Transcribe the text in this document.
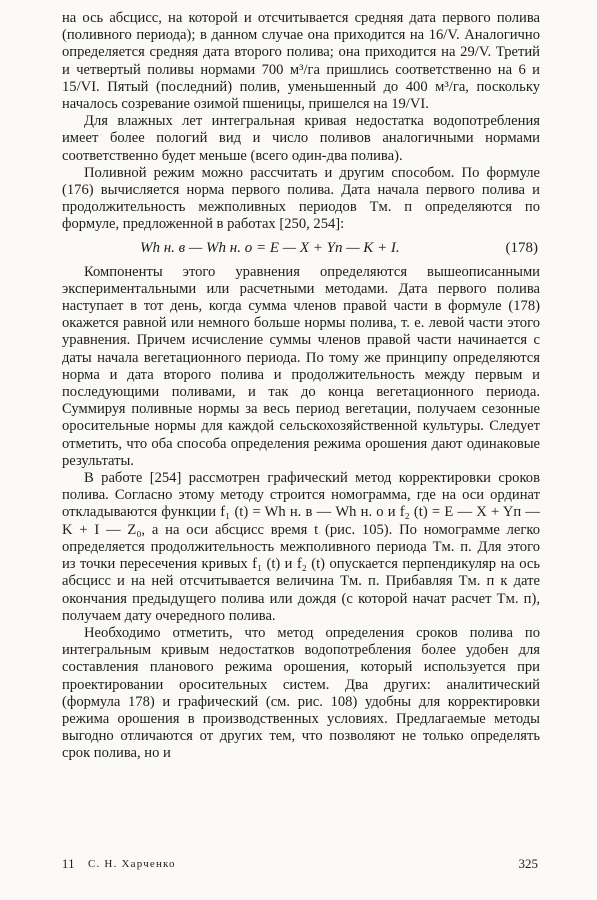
на ось абсцисс, на которой и отсчитывается средняя дата первого полива (поливного периода); в данном случае она приходится на 16/V. Аналогично определяется средняя дата второго полива; она приходится на 29/V. Третий и четвертый поливы нормами 700 м³/га пришлись соответственно на 6 и 15/VI. Пятый (последний) полив, уменьшенный до 400 м³/га, поскольку началось созревание озимой пшеницы, пришелся на 19/VI.

Для влажных лет интегральная кривая недостатка водопотребления имеет более пологий вид и число поливов аналогичными нормами соответственно будет меньше (всего один-два полива).

Поливной режим можно рассчитать и другим способом. По формуле (176) вычисляется норма первого полива. Дата начала первого полива и продолжительность межполивных периодов Tм. п определяются по формуле, предложенной в работах [250, 254]:

Wh н. в — Wh н. о = E — X + Yп — K + I.	(178)

Компоненты этого уравнения определяются вышеописанными экспериментальными или расчетными методами. Дата первого полива наступает в тот день, когда сумма членов правой части в формуле (178) окажется равной или немного больше нормы полива, т. е. левой части этого уравнения. Причем исчисление суммы членов правой части начинается с даты начала вегетационного периода. По тому же принципу определяются норма и дата второго полива и продолжительность между первым и последующими поливами, и так до конца вегетационного периода. Суммируя поливные нормы за весь период вегетации, получаем сезонные оросительные нормы для каждой сельскохозяйственной культуры. Следует отметить, что оба способа определения режима орошения дают одинаковые результаты.

В работе [254] рассмотрен графический метод корректировки сроков полива. Согласно этому методу строится номограмма, где на оси ординат откладываются функции f₁ (t) = Wh н. в — Wh н. о и f₂ (t) = E — X + Yп — K + I — Z₀, а на оси абсцисс время t (рис. 105). По номограмме легко определяется продолжительность межполивного периода Tм. п. Для этого из точки пересечения кривых f₁ (t) и f₂ (t) опускается перпендикуляр на ось абсцисс и на ней отсчитывается величина Tм. п. Прибавляя Tм. п к дате окончания предыдущего полива или дождя (с которой начат расчет Tм. п), получаем дату очередного полива.

Необходимо отметить, что метод определения сроков полива по интегральным кривым недостатков водопотребления более удобен для составления планового режима орошения, который используется при проектировании оросительных систем. Два других: аналитический (формула 178) и графический (см. рис. 108) удобны для корректировки режима орошения в производственных условиях. Предлагаемые методы выгодно отличаются от других тем, что позволяют не только определять срок полива, но и

11 С. Н. Харченко	325
